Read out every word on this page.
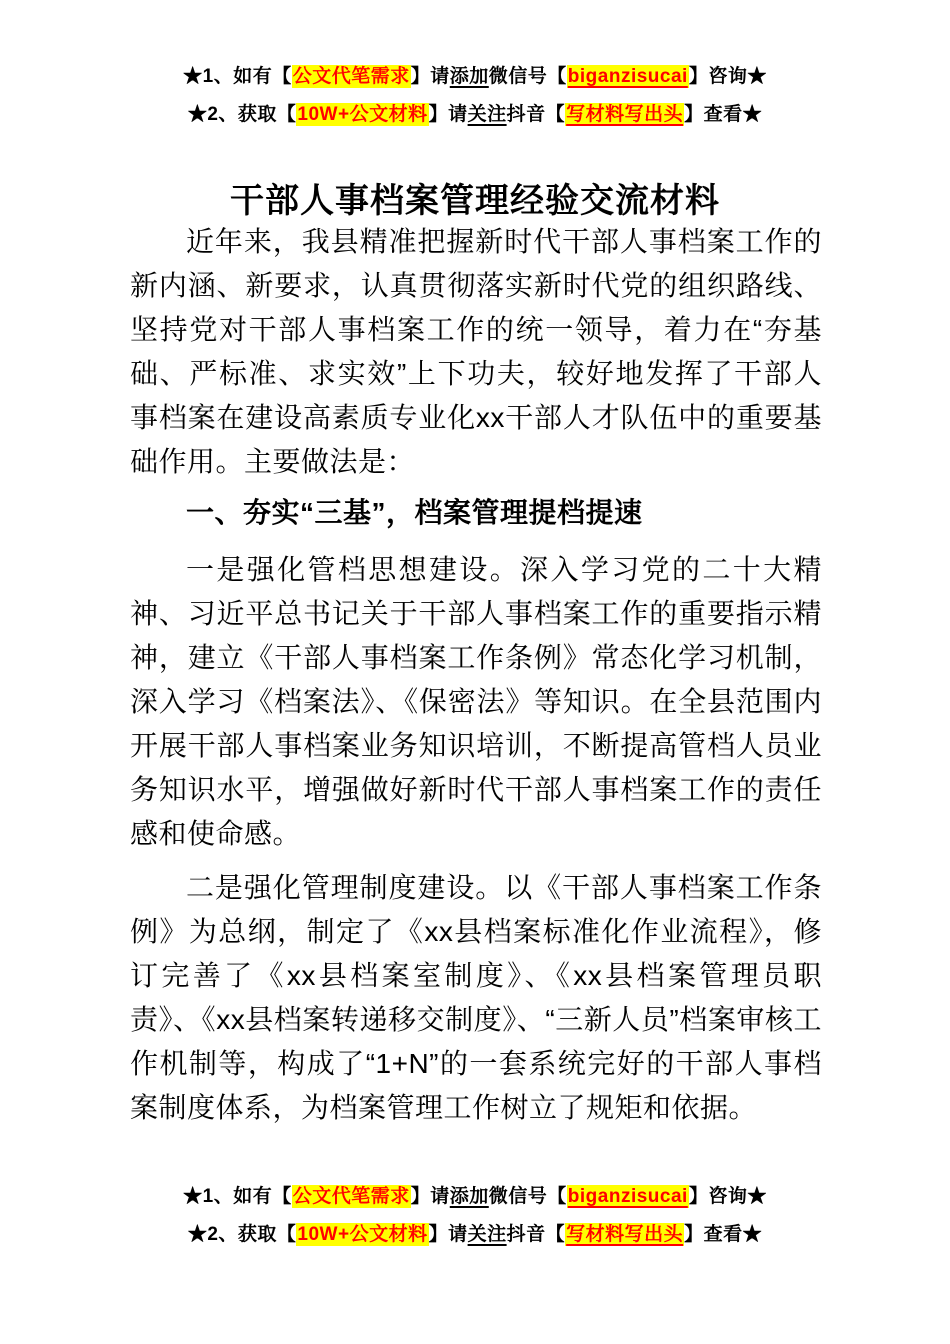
★1、如有【公文代笔需求】请添加微信号【biganzisucai】咨询★
★2、获取【10W+公文材料】请关注抖音【写材料写出头】查看★
干部人事档案管理经验交流材料

近年来，我县精准把握新时代干部人事档案工作的新内涵、新要求，认真贯彻落实新时代党的组织路线、坚持党对干部人事档案工作的统一领导，着力在“夯基础、严标准、求实效”上下功夫，较好地发挥了干部人事档案在建设高素质专业化xx干部人才队伍中的重要基础作用。主要做法是：

一、夯实“三基”，档案管理提档提速

一是强化管档思想建设。深入学习党的二十大精神、习近平总书记关于干部人事档案工作的重要指示精神，建立《干部人事档案工作条例》常态化学习机制，深入学习《档案法》、《保密法》等知识。在全县范围内开展干部人事档案业务知识培训，不断提高管档人员业务知识水平，增强做好新时代干部人事档案工作的责任感和使命感。

二是强化管理制度建设。以《干部人事档案工作条例》为总纲，制定了《xx县档案标准化作业流程》，修订完善了《xx县档案室制度》、《xx县档案管理员职责》、《xx县档案转递移交制度》、“三新人员”档案审核工作机制等，构成了“1+N”的一套系统完好的干部人事档案制度体系，为档案管理工作树立了规矩和依据。

★1、如有【公文代笔需求】请添加微信号【biganzisucai】咨询★
★2、获取【10W+公文材料】请关注抖音【写材料写出头】查看★
